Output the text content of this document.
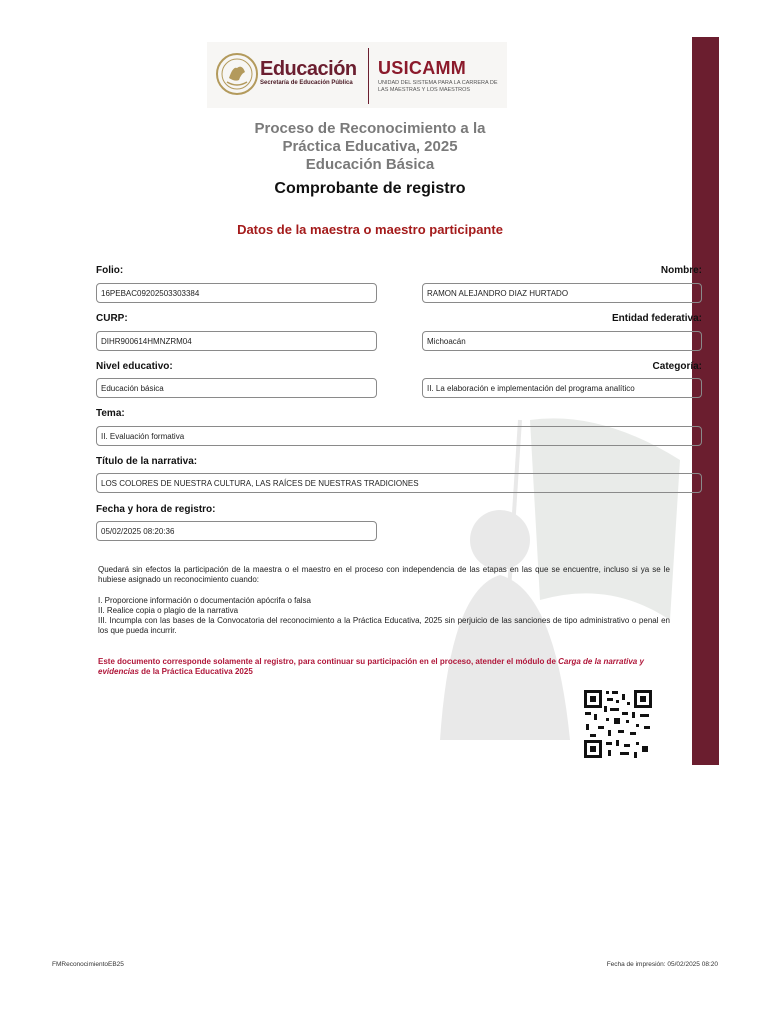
Educación
Secretaría de Educación Pública
USICAMM
UNIDAD DEL SISTEMA PARA LA CARRERA DE LAS MAESTRAS Y LOS MAESTROS
Proceso de Reconocimiento a la
Práctica Educativa, 2025
Educación Básica
Comprobante de registro
Datos de la maestra o maestro participante
Folio:	Nombre:
16PEBAC09202503303384	RAMON ALEJANDRO DIAZ HURTADO
CURP:	Entidad federativa:
DIHR900614HMNZRM04	Michoacán
Nivel educativo:	Categoría:
Educación básica	II. La elaboración e implementación del programa analítico
Tema:
II. Evaluación formativa
Título de la narrativa:
LOS COLORES DE NUESTRA CULTURA, LAS RAÍCES DE NUESTRAS TRADICIONES
Fecha y hora de registro:
05/02/2025 08:20:36
Quedará sin efectos la participación de la maestra o el maestro en el proceso con independencia de las etapas en las que se encuentre, incluso si ya se le hubiese asignado un reconocimiento cuando:
I. Proporcione información o documentación apócrifa o falsa
II. Realice copia o plagio de la narrativa
III. Incumpla con las bases de la Convocatoria del reconocimiento a la Práctica Educativa, 2025 sin perjuicio de las sanciones de tipo administrativo o penal en los que pueda incurrir.
Este documento corresponde solamente al registro, para continuar su participación en el proceso, atender el módulo de Carga de la narrativa y evidencias de la Práctica Educativa 2025
FMReconocimientoEB25	Fecha de impresión: 05/02/2025 08:20
